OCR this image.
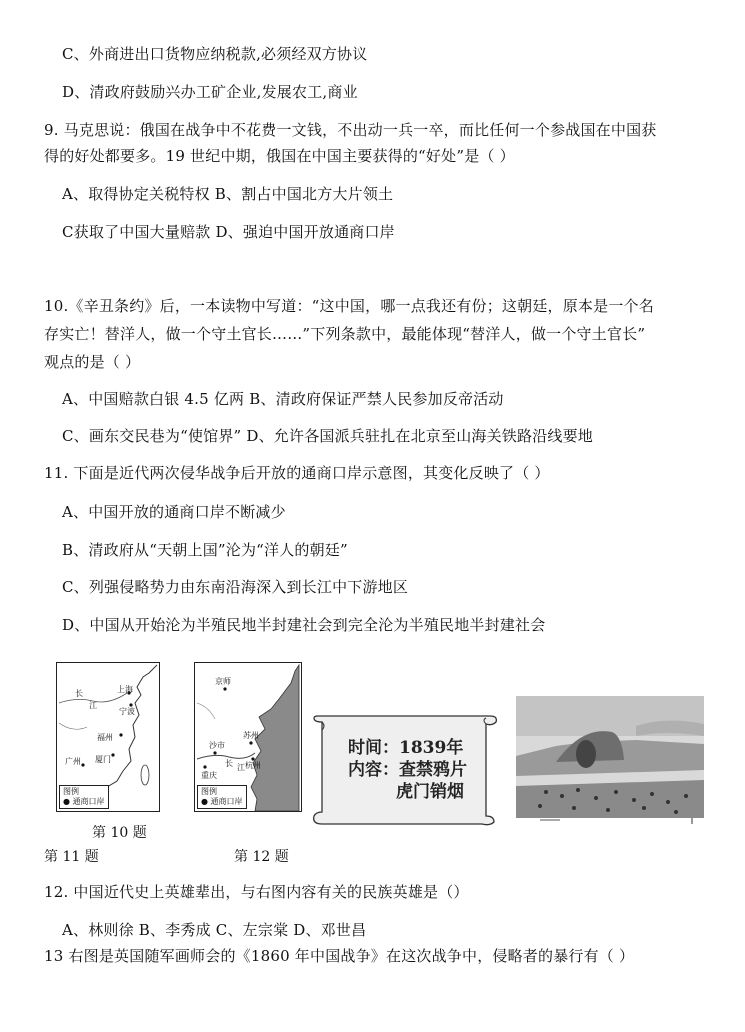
C、外商进出口货物应纳税款,必须经双方协议
D、清政府鼓励兴办工矿企业,发展农工,商业
9. 马克思说：俄国在战争中不花费一文钱，不出动一兵一卒，而比任何一个参战国在中国获
得的好处都要多。19 世纪中期，俄国在中国主要获得的“好处”是（ ）
A、取得协定关税特权 B、割占中国北方大片领土
C获取了中国大量赔款 D、强迫中国开放通商口岸
10.《辛丑条约》后，一本读物中写道：“这中国，哪一点我还有份；这朝廷，原本是一个名
存实亡！替洋人，做一个守土官长……”下列条款中，最能体现“替洋人，做一个守土官长”
观点的是（ ）
A、中国赔款白银 4.5 亿两 B、清政府保证严禁人民参加反帝活动
C、画东交民巷为“使馆界” D、允许各国派兵驻扎在北京至山海关铁路沿线要地
11. 下面是近代两次侵华战争后开放的通商口岸示意图，其变化反映了（ ）
A、中国开放的通商口岸不断减少
B、清政府从“天朝上国”沦为“洋人的朝廷”
C、列强侵略势力由东南沿海深入到长江中下游地区
D、中国从开始沦为半殖民地半封建社会到完全沦为半殖民地半封建社会
长
江
上海
宁波
福州
厦门
广州
图例
● 通商口岸
京师
沙市
苏州
杭州
重庆
长 江
图例
● 通商口岸
时间：1839年
内容：查禁鸦片
虎门销烟
第 10 题
第 11 题	第 12 题
12. 中国近代史上英雄辈出，与右图内容有关的民族英雄是（）
A、林则徐 B、李秀成 C、左宗棠 D、邓世昌
13 右图是英国随军画师会的《1860 年中国战争》在这次战争中，侵略者的暴行有（ ）
